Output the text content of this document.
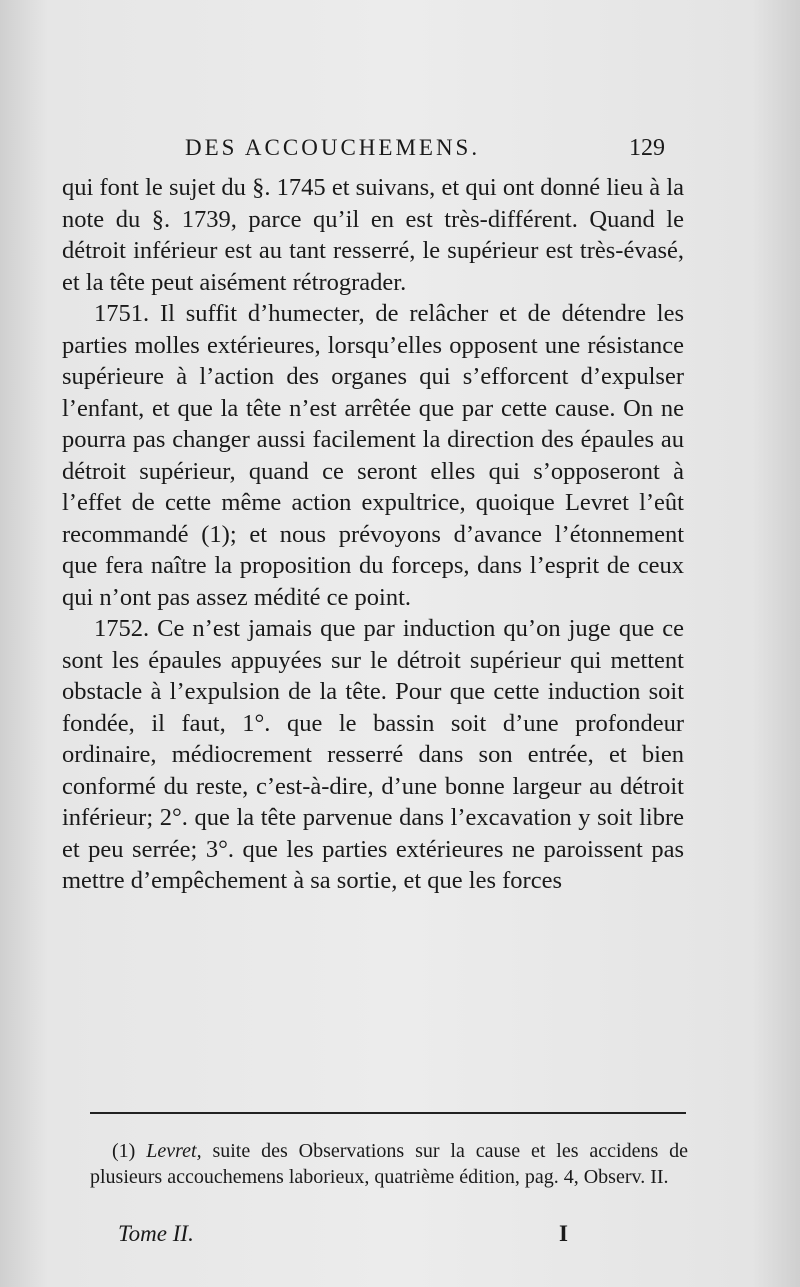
DES ACCOUCHEMENS.	129

qui font le sujet du §. 1745 et suivans, et qui ont donné lieu à la note du §. 1739, parce qu’il en est très-différent. Quand le détroit inférieur est au tant resserré, le supérieur est très-évasé, et la tête peut aisément rétrograder.

1751. Il suffit d’humecter, de relâcher et de détendre les parties molles extérieures, lorsqu’elles opposent une résistance supérieure à l’action des organes qui s’efforcent d’expulser l’enfant, et que la tête n’est arrêtée que par cette cause. On ne pourra pas changer aussi facilement la direction des épaules au détroit supérieur, quand ce seront elles qui s’opposeront à l’effet de cette même action expultrice, quoique Levret l’eût recommandé (1); et nous prévoyons d’avance l’étonnement que fera naître la proposition du forceps, dans l’esprit de ceux qui n’ont pas assez médité ce point.

1752. Ce n’est jamais que par induction qu’on juge que ce sont les épaules appuyées sur le détroit supérieur qui mettent obstacle à l’expulsion de la tête. Pour que cette induction soit fondée, il faut, 1°. que le bassin soit d’une profondeur ordinaire, médiocrement resserré dans son entrée, et bien conformé du reste, c’est-à-dire, d’une bonne largeur au détroit inférieur; 2°. que la tête parvenue dans l’excavation y soit libre et peu serrée; 3°. que les parties extérieures ne paroissent pas mettre d’empêchement à sa sortie, et que les forces

(1) Levret, suite des Observations sur la cause et les accidens de plusieurs accouchemens laborieux, quatrième édition, pag. 4, Observ. II.

Tome II.	I
